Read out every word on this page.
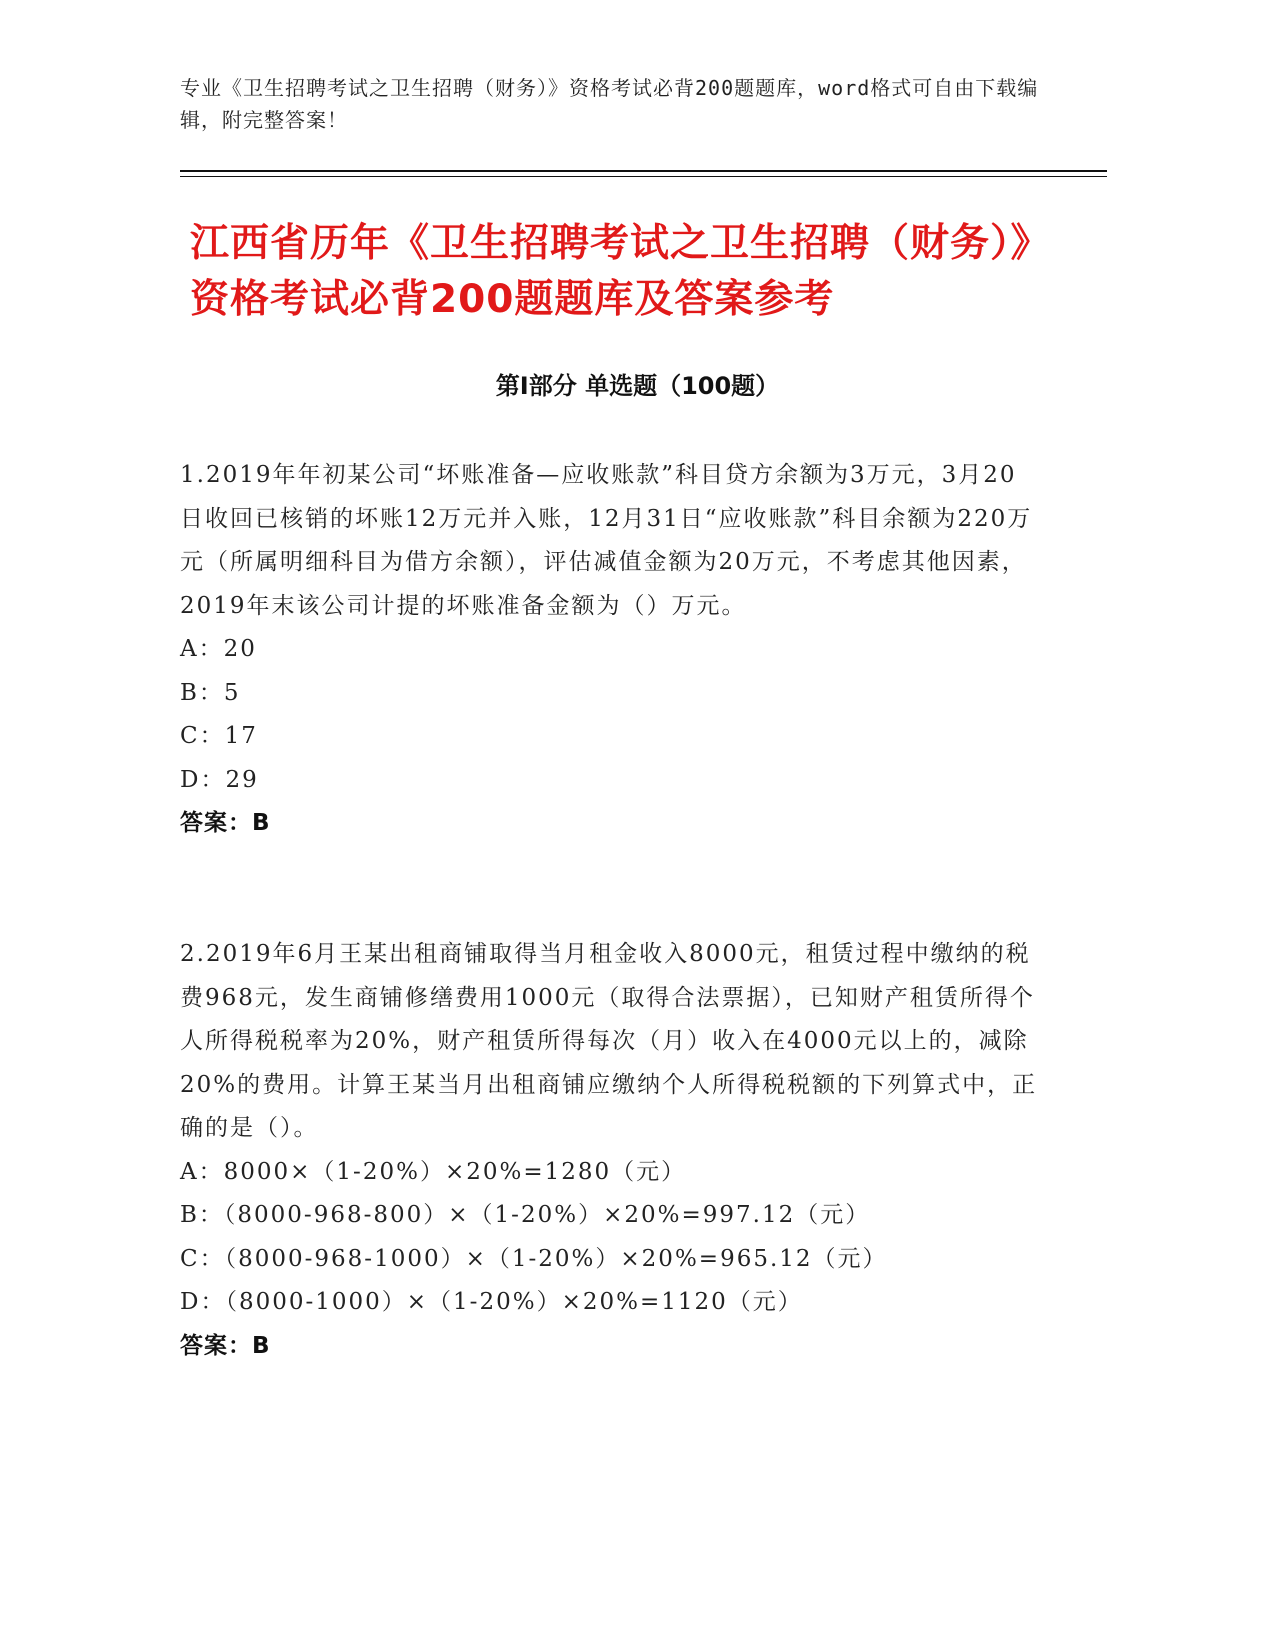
专业《卫生招聘考试之卫生招聘（财务）》资格考试必背200题题库，word格式可自由下载编辑，附完整答案！
江西省历年《卫生招聘考试之卫生招聘（财务）》资格考试必背200题题库及答案参考
第Ⅰ部分 单选题（100题）
1.2019年年初某公司“坏账准备—应收账款”科目贷方余额为3万元，3月20日收回已核销的坏账12万元并入账，12月31日“应收账款”科目余额为220万元（所属明细科目为借方余额），评估减值金额为20万元，不考虑其他因素，2019年末该公司计提的坏账准备金额为（）万元。
A：20
B：5
C：17
D：29
答案：B
2.2019年6月王某出租商铺取得当月租金收入8000元，租赁过程中缴纳的税费968元，发生商铺修缮费用1000元（取得合法票据），已知财产租赁所得个人所得税税率为20%，财产租赁所得每次（月）收入在4000元以上的，减除20%的费用。计算王某当月出租商铺应缴纳个人所得税税额的下列算式中，正确的是（）。
A：8000×（1-20%）×20%=1280（元）
B：（8000-968-800）×（1-20%）×20%=997.12（元）
C：（8000-968-1000）×（1-20%）×20%=965.12（元）
D：（8000-1000）×（1-20%）×20%=1120（元）
答案：B
